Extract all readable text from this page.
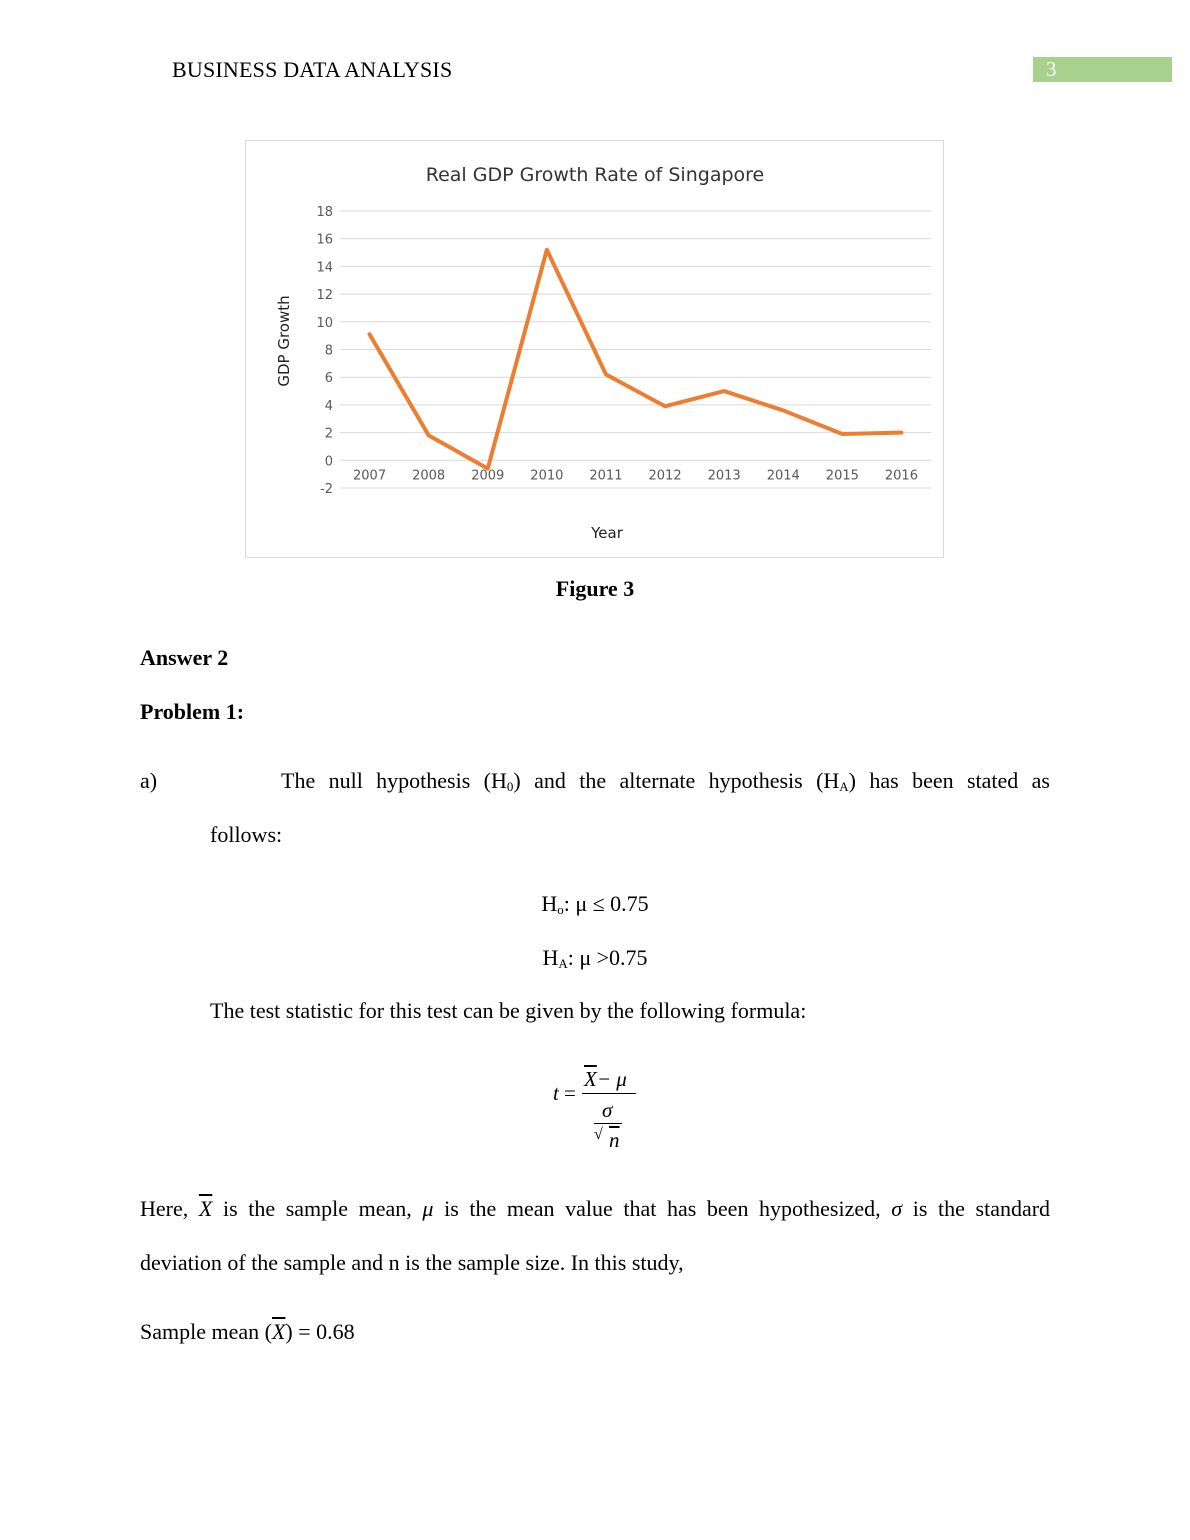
BUSINESS DATA ANALYSIS	3
Real GDP Growth Rate of Singapore
18
16
14
12
10
8
6
4
2
0
-2
2007 2008 2009 2010 2011 2012 2013 2014 2015 2016
GDP Growth
Year
Figure 3
Answer 2
Problem 1:
a)	The null hypothesis $(H_0)$ and the alternate hypothesis $(H_A)$ has been stated as
follows:
$H_o$: μ ≤ 0.75
$H_A$: μ >0.75
The test statistic for this test can be given by the following formula:
t =
$\overline{X}- \mu$
σ
√ n
Here, $\overline{X}$ is the sample mean, μ is the mean value that has been hypothesized, σ is the standard
deviation of the sample and n is the sample size. In this study,
Sample mean $(\overline{X}) = 0.68$
